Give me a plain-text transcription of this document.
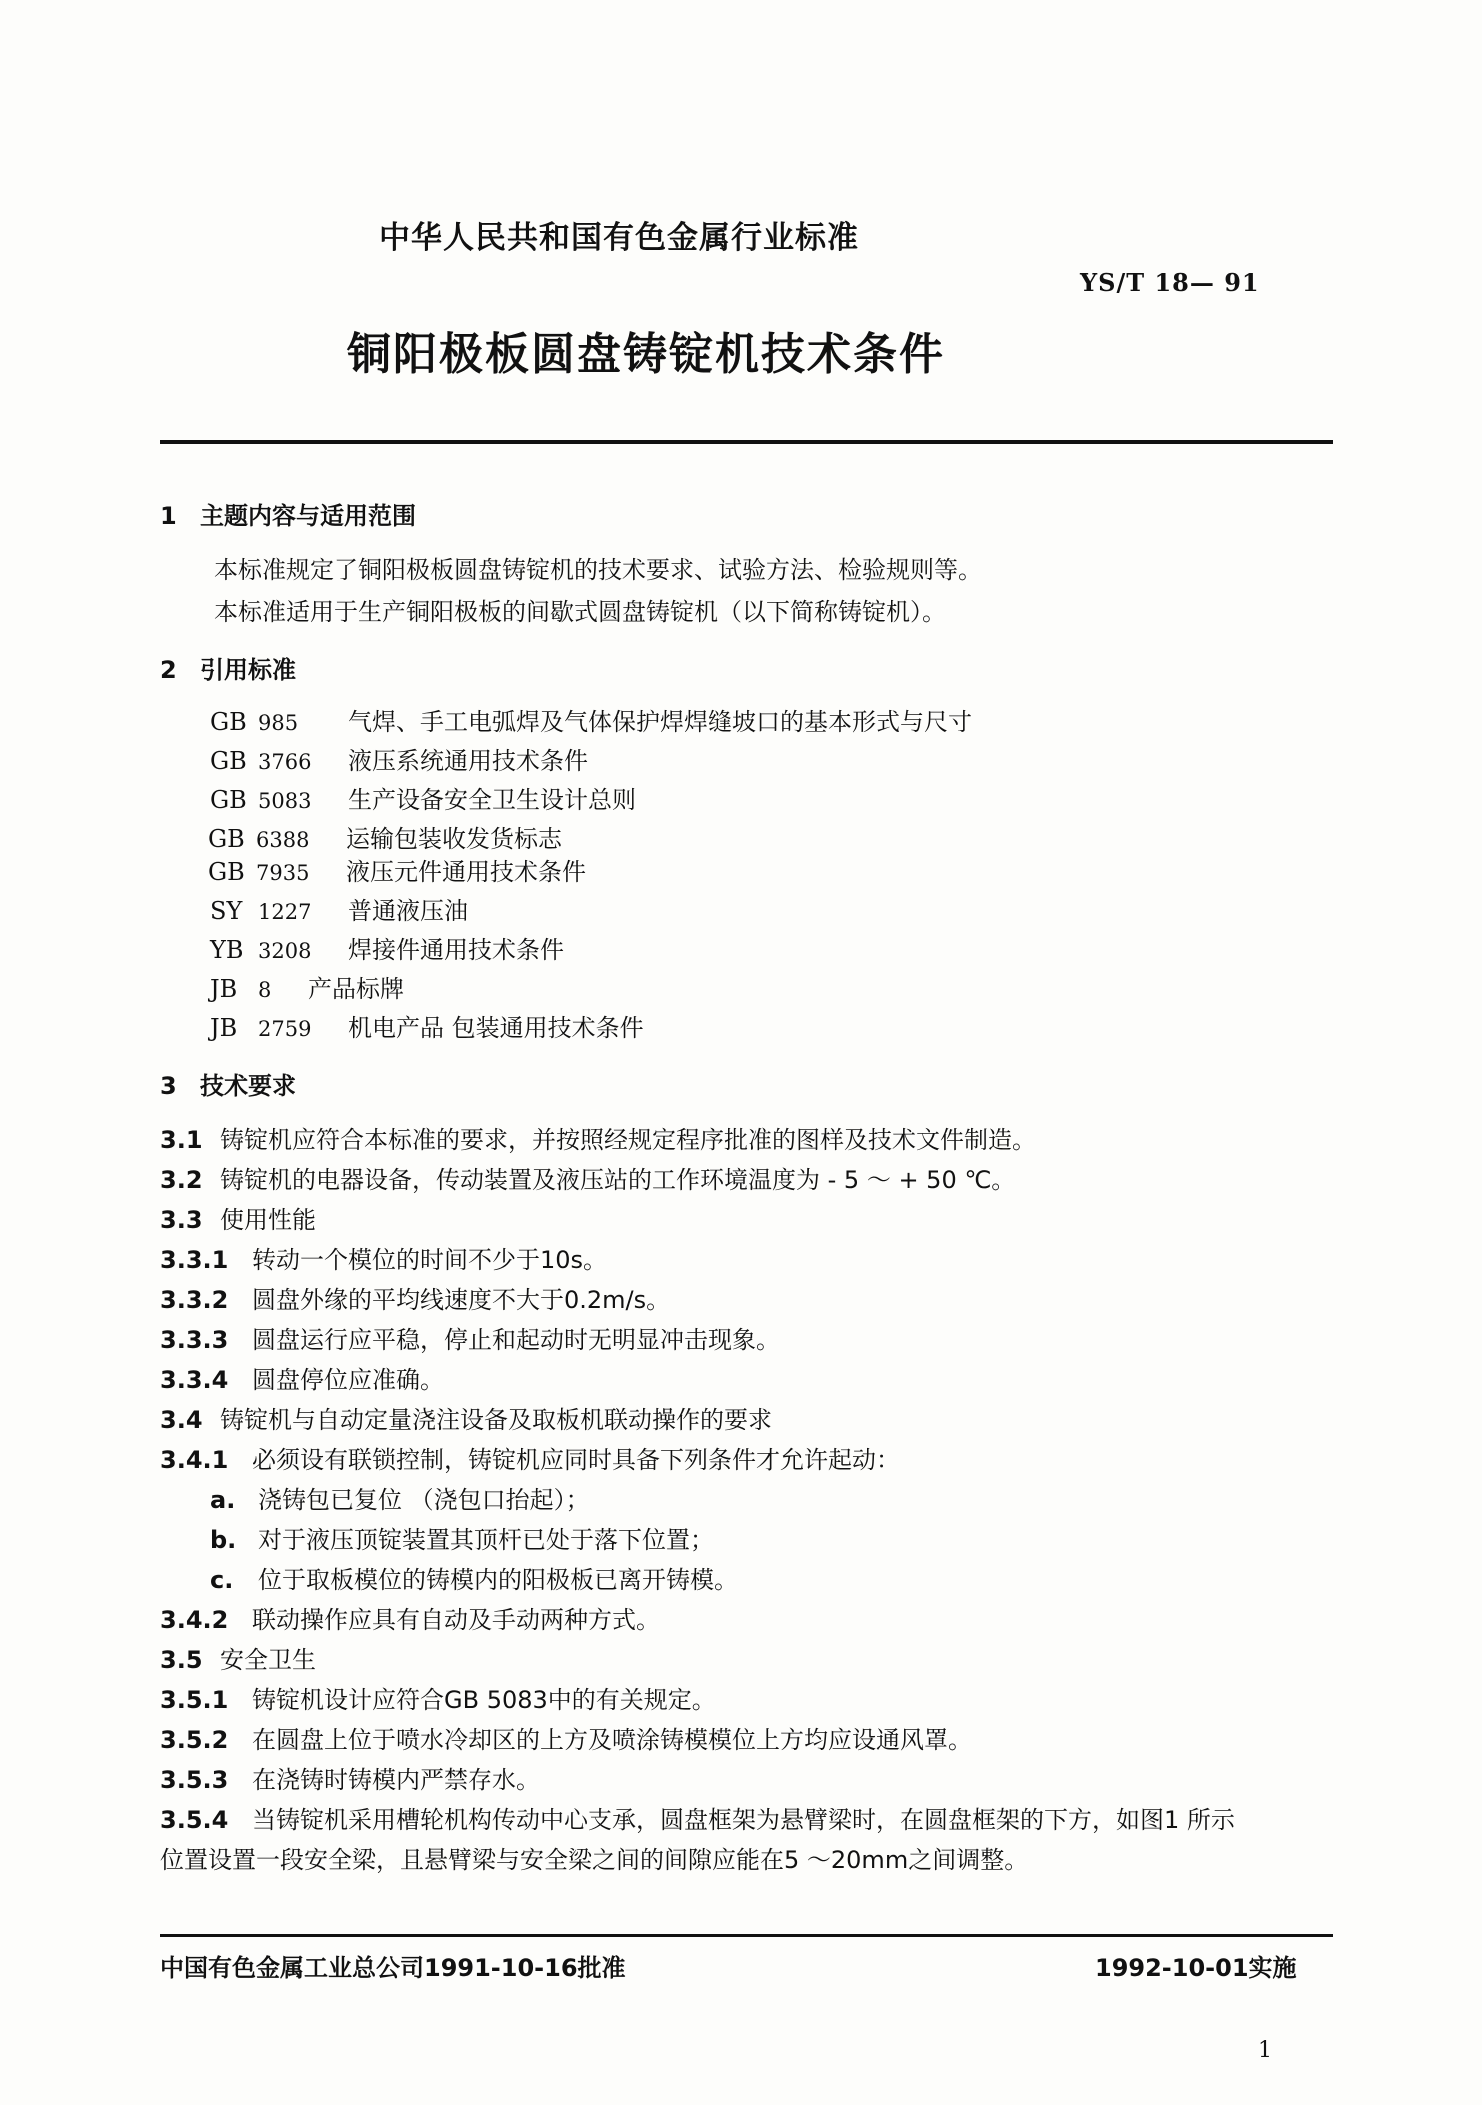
中华人民共和国有色金属行业标准
YS/T 18— 91
铜阳极板圆盘铸锭机技术条件
1 主题内容与适用范围
本标准规定了铜阳极板圆盘铸锭机的技术要求、试验方法、检验规则等。
本标准适用于生产铜阳极板的间歇式圆盘铸锭机（以下简称铸锭机）。
2 引用标准
GB 985 气焊、手工电弧焊及气体保护焊焊缝坡口的基本形式与尺寸
GB 3766 液压系统通用技术条件
GB 5083 生产设备安全卫生设计总则
GB 6388 运输包装收发货标志
GB 7935 液压元件通用技术条件
SY 1227 普通液压油
YB 3208 焊接件通用技术条件
JB 8 产品标牌
JB 2759 机电产品 包装通用技术条件
3 技术要求
3.1 铸锭机应符合本标准的要求，并按照经规定程序批准的图样及技术文件制造。
3.2 铸锭机的电器设备，传动装置及液压站的工作环境温度为 - 5 ～ + 50 ℃。
3.3 使用性能
3.3.1 转动一个模位的时间不少于10s。
3.3.2 圆盘外缘的平均线速度不大于0.2m/s。
3.3.3 圆盘运行应平稳，停止和起动时无明显冲击现象。
3.3.4 圆盘停位应准确。
3.4 铸锭机与自动定量浇注设备及取板机联动操作的要求
3.4.1 必须设有联锁控制，铸锭机应同时具备下列条件才允许起动：
a. 浇铸包已复位 （浇包口抬起）；
b. 对于液压顶锭装置其顶杆已处于落下位置；
c. 位于取板模位的铸模内的阳极板已离开铸模。
3.4.2 联动操作应具有自动及手动两种方式。
3.5 安全卫生
3.5.1 铸锭机设计应符合GB 5083中的有关规定。
3.5.2 在圆盘上位于喷水冷却区的上方及喷涂铸模模位上方均应设通风罩。
3.5.3 在浇铸时铸模内严禁存水。
3.5.4 当铸锭机采用槽轮机构传动中心支承，圆盘框架为悬臂梁时，在圆盘框架的下方，如图1 所示
位置设置一段安全梁，且悬臂梁与安全梁之间的间隙应能在5 ～20mm之间调整。
中国有色金属工业总公司1991-10-16批准	1992-10-01实施
1
